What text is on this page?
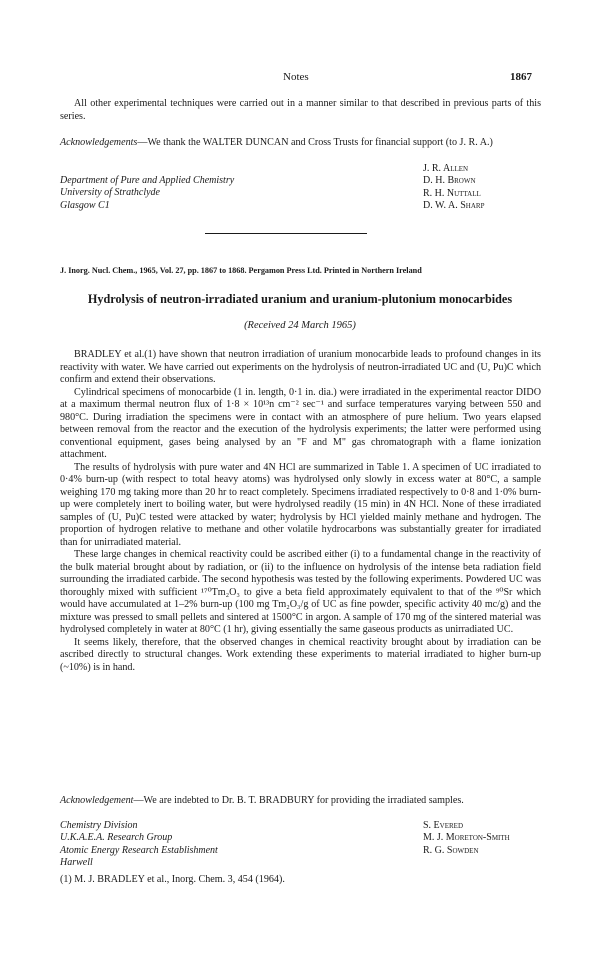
Notes	1867

All other experimental techniques were carried out in a manner similar to that described in previous parts of this series.

Acknowledgements—We thank the WALTER DUNCAN and Cross Trusts for financial support (to J. R. A.)

Department of Pure and Applied Chemistry
University of Strathclyde
Glasgow C1
J. R. Allen
D. H. Brown
R. H. Nuttall
D. W. A. Sharp
J. Inorg. Nucl. Chem., 1965, Vol. 27, pp. 1867 to 1868. Pergamon Press Ltd. Printed in Northern Ireland
Hydrolysis of neutron-irradiated uranium and uranium-plutonium monocarbides
(Received 24 March 1965)

BRADLEY et al.(1) have shown that neutron irradiation of uranium monocarbide leads to profound changes in its reactivity with water. We have carried out experiments on the hydrolysis of neutron-irradiated UC and (U, Pu)C which confirm and extend their observations.

Cylindrical specimens of monocarbide (1 in. length, 0·1 in. dia.) were irradiated in the experimental reactor DIDO at a maximum thermal neutron flux of 1·8 × 10¹³n cm⁻² sec⁻¹ and surface temperatures varying between 550 and 980°C. During irradiation the specimens were in contact with an atmosphere of pure helium. Two years elapsed between removal from the reactor and the execution of the hydrolysis experiments; the latter were performed using conventional equipment, gases being analysed by an "F and M" gas chromatograph with a flame ionization attachment.

The results of hydrolysis with pure water and 4N HCl are summarized in Table 1. A specimen of UC irradiated to 0·4% burn-up (with respect to total heavy atoms) was hydrolysed only slowly in excess water at 80°C, a sample weighing 170 mg taking more than 20 hr to react completely. Specimens irradiated respectively to 0·8 and 1·0% burn-up were completely inert to boiling water, but were hydrolysed readily (15 min) in 4N HCl. None of these irradiated samples of (U, Pu)C tested were attacked by water; hydrolysis by HCl yielded mainly methane and hydrogen. The proportion of hydrogen relative to methane and other volatile hydrocarbons was substantially greater for irradiated than for unirradiated material.

These large changes in chemical reactivity could be ascribed either (i) to a fundamental change in the reactivity of the bulk material brought about by radiation, or (ii) to the influence on hydrolysis of the intense beta radiation field surrounding the irradiated carbide. The second hypothesis was tested by the following experiments. Powdered UC was thoroughly mixed with sufficient ¹⁷⁰Tm₂O₃ to give a beta field approximately equivalent to that of the ⁹⁰Sr which would have accumulated at 1–2% burn-up (100 mg Tm₂O₃/g of UC as fine powder, specific activity 40 mc/g) and the mixture was pressed to small pellets and sintered at 1500°C in argon. A sample of 170 mg of the sintered material was hydrolysed completely in water at 80°C (1 hr), giving essentially the same gaseous products as unirradiated UC.

It seems likely, therefore, that the observed changes in chemical reactivity brought about by irradiation can be ascribed directly to structural changes. Work extending these experiments to material irradiated to higher burn-up (~10%) is in hand.

Acknowledgement—We are indebted to Dr. B. T. BRADBURY for providing the irradiated samples.

Chemistry Division
U.K.A.E.A. Research Group
Atomic Energy Research Establishment
Harwell
S. Evered
M. J. Moreton-Smith
R. G. Sowden
(1) M. J. BRADLEY et al., Inorg. Chem. 3, 454 (1964).
